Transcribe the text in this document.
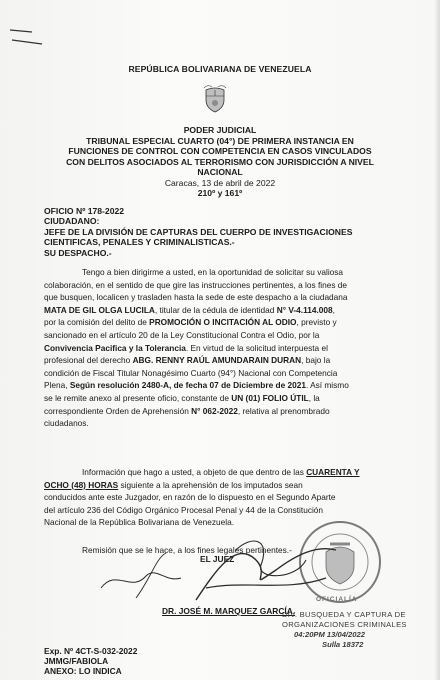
REPÚBLICA BOLIVARIANA DE VENEZUELA
PODER JUDICIAL
TRIBUNAL ESPECIAL CUARTO (04°) DE PRIMERA INSTANCIA EN
FUNCIONES DE CONTROL CON COMPETENCIA EN CASOS VINCULADOS
CON DELITOS ASOCIADOS AL TERRORISMO CON JURISDICCIÓN A NIVEL
NACIONAL
Caracas, 13 de abril de 2022
210º y 161º
OFICIO Nº 178-2022
CIUDADANO:
JEFE DE LA DIVISIÓN DE CAPTURAS DEL CUERPO DE INVESTIGACIONES
CIENTIFICAS, PENALES Y CRIMINALISTICAS.-
SU DESPACHO.-
Tengo a bien dirigirme a usted, en la oportunidad de solicitar su valiosa
colaboración, en el sentido de que gire las instrucciones pertinentes, a los fines de
que busquen, localicen y trasladen hasta la sede de este despacho a la ciudadana
MATA DE GIL OLGA LUCILA, titular de la cédula de identidad N° V-4.114.008,
por la comisión del delito de PROMOCIÓN O INCITACIÓN AL ODIO, previsto y
sancionado en el artículo 20 de la Ley Constitucional Contra el Odio, por la
Convivencia Pacifica y la Tolerancia. En virtud de la solicitud interpuesta el
profesional del derecho ABG. RENNY RAÚL AMUNDARAIN DURAN, bajo la
condición de Fiscal Titular Nonagésimo Cuarto (94°) Nacional con Competencia
Plena, Según resolución 2480-A, de fecha 07 de Diciembre de 2021. Así mismo
se le remite anexo al presente oficio, constante de UN (01) FOLIO ÚTIL, la
correspondiente Orden de Aprehensión N° 062-2022, relativa al prenombrado
ciudadanos.
Información que hago a usted, a objeto de que dentro de las CUARENTA Y
OCHO (48) HORAS siguiente a la aprehensión de los imputados sean
conducidos ante este Juzgador, en razón de lo dispuesto en el Segundo Aparte
del artículo 236 del Código Orgánico Procesal Penal y 44 de la Constitución
Nacional de la República Bolivariana de Venezuela.
Remisión que se le hace, a los fines legales pertinentes.-
EL JUEZ
OFICIALÍA
DR. JOSÉ M. MARQUEZ GARCÍA.
DIV. BUSQUEDA Y CAPTURA DE
ORGANIZACIONES CRIMINALES
04:20PM 13/04/2022
Sulla 18372
Exp. Nº 4CT-S-032-2022
JMMG/FABIOLA
ANEXO: LO INDICA
